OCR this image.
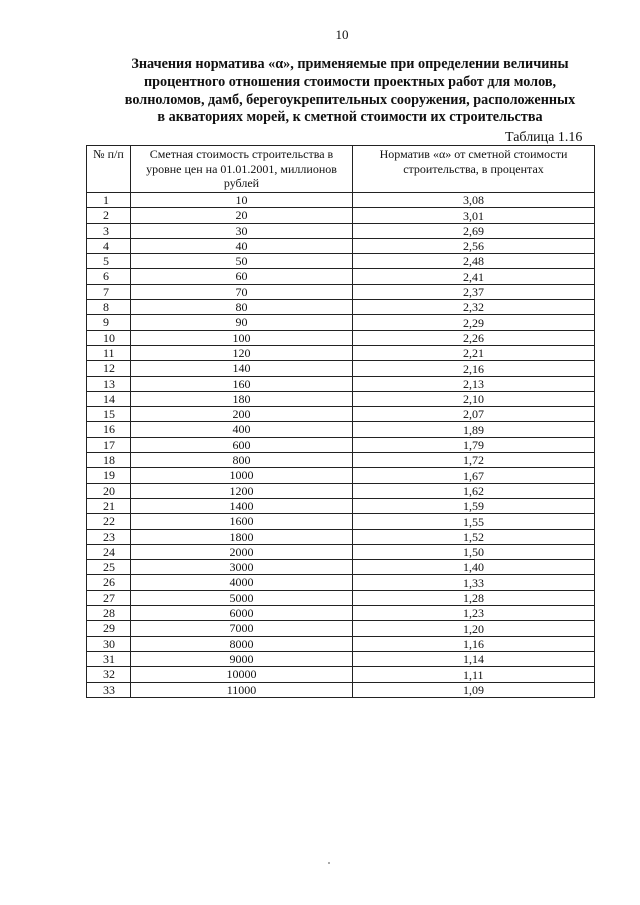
10
Значения норматива «α», применяемые при определении величины
процентного отношения стоимости проектных работ для молов,
волноломов, дамб, берегоукрепительных сооружения, расположенных
в акваториях морей, к сметной стоимости их строительства
Таблица 1.16
№ п/п	Сметная стоимость строительства в уровне цен на 01.01.2001, миллионов рублей	Норматив «α» от сметной стоимости строительства, в процентах
1	10	3,08
2	20	3,01
3	30	2,69
4	40	2,56
5	50	2,48
6	60	2,41
7	70	2,37
8	80	2,32
9	90	2,29
10	100	2,26
11	120	2,21
12	140	2,16
13	160	2,13
14	180	2,10
15	200	2,07
16	400	1,89
17	600	1,79
18	800	1,72
19	1000	1,67
20	1200	1,62
21	1400	1,59
22	1600	1,55
23	1800	1,52
24	2000	1,50
25	3000	1,40
26	4000	1,33
27	5000	1,28
28	6000	1,23
29	7000	1,20
30	8000	1,16
31	9000	1,14
32	10000	1,11
33	11000	1,09
